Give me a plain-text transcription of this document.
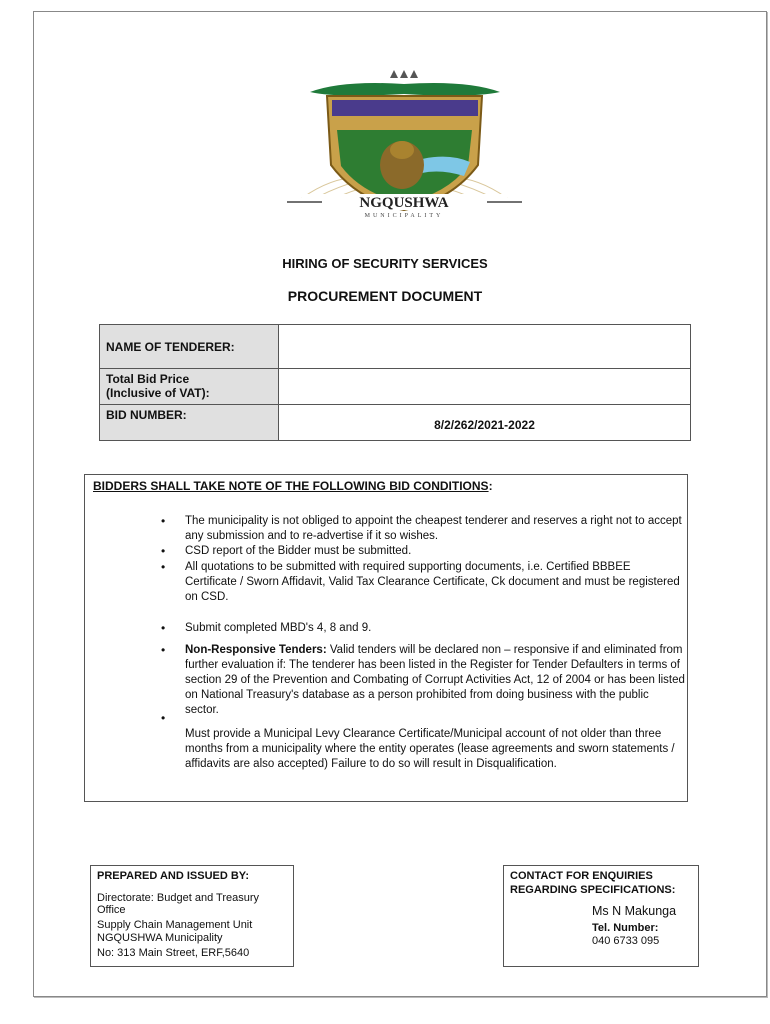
NGQUSHWA
MUNICIPALITY
HIRING OF SECURITY SERVICES
PROCUREMENT DOCUMENT
NAME OF TENDERER:	
Total Bid Price
(Inclusive of VAT):	
BID NUMBER:	8/2/262/2021-2022
BIDDERS SHALL TAKE NOTE OF THE FOLLOWING BID CONDITIONS:
• The municipality is not obliged to appoint the cheapest tenderer and reserves a right not to accept any submission and to re-advertise if it so wishes.
• CSD report of the Bidder must be submitted.
• All quotations to be submitted with required supporting documents, i.e. Certified BBBEE Certificate / Sworn Affidavit, Valid Tax Clearance Certificate, Ck document and must be registered on CSD.
• Submit completed MBD's 4, 8 and 9.
• Non-Responsive Tenders: Valid tenders will be declared non – responsive if and eliminated from further evaluation if: The tenderer has been listed in the Register for Tender Defaulters in terms of section 29 of the Prevention and Combating of Corrupt Activities Act, 12 of 2004 or has been listed on National Treasury's database as a person prohibited from doing business with the public sector.
•
Must provide a Municipal Levy Clearance Certificate/Municipal account of not older than three months from a municipality where the entity operates (lease agreements and sworn statements / affidavits are also accepted) Failure to do so will result in Disqualification.
PREPARED AND ISSUED BY:
Directorate: Budget and Treasury
Office
Supply Chain Management Unit
NGQUSHWA Municipality
No: 313 Main Street, ERF,5640
CONTACT FOR ENQUIRIES REGARDING SPECIFICATIONS:
Ms N Makunga
Tel. Number:
040 6733 095
